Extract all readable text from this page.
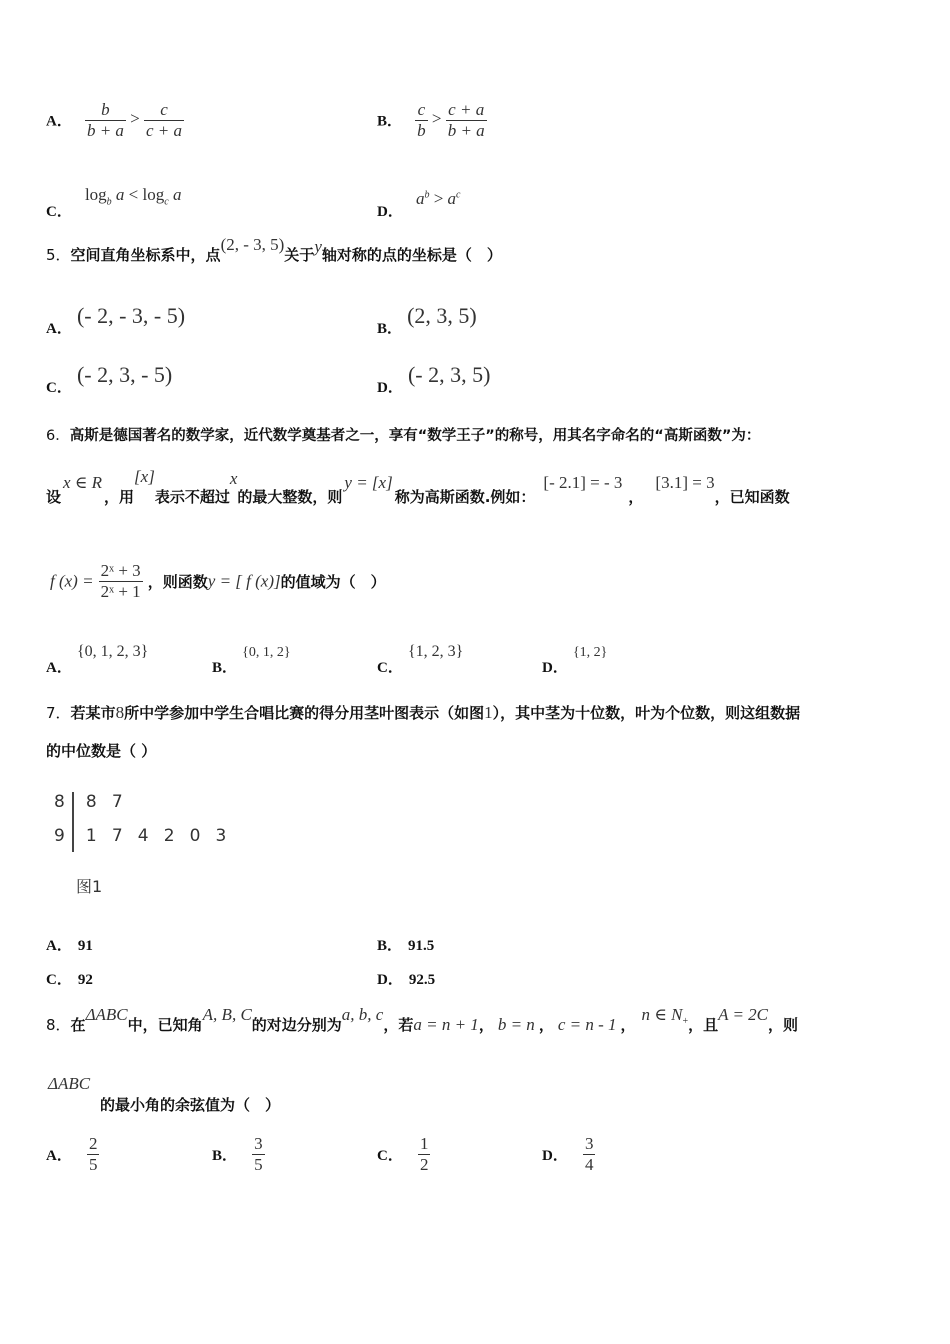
A． $\frac{b}{b + a} > \frac{c}{c + a}$	B． $\frac{c}{b} > \frac{c + a}{b + a}$
C． $\log_b a < \log_c a$
D． $a^b > a^c$
5．空间直角坐标系中，点(2, - 3, 5)关于y轴对称的点的坐标是（　）
A． (- 2, - 3, - 5)
B． (2, 3, 5)
C． (- 2, 3, - 5)
D． (- 2, 3, 5)
6．高斯是德国著名的数学家，近代数学奠基者之一，享有“数学王子”的称号，用其名字命名的“高斯函数”为：
设x ∈ R，用[x]表示不超过x的最大整数，则y = [x]称为高斯函数.例如：[- 2.1] = - 3，[3.1] = 3，已知函数
f $(x) = \frac{\text{2ˣ + 3}}{\text{2ˣ + 1}}$ ，则函数y = [ f (x)]的值域为（　）
A． {0, 1, 2, 3}
B． {0, 1, 2}
C． {1, 2, 3}
D． {1, 2}
7．若某市8所中学参加中学生合唱比赛的得分用茎叶图表示（如图1），其中茎为十位数，叶为个位数，则这组数据
的中位数是（ ）
8 8 7
9 1 7 4 2 0 3
图1
A． 91	B． 91.5
C． 92	D． 92.5
8．在ΔABC中，已知角A, B, C的对边分别为a, b, c，若a = n + 1， b = n ， c = n - 1 ，n ∈ $N_+$，且A = 2C，则
ΔABC
的最小角的余弦值为（　）
A． $\frac{2}{5}$	B． $\frac{3}{5}$	C． $\frac{1}{2}$	D． $\frac{3}{4}$
